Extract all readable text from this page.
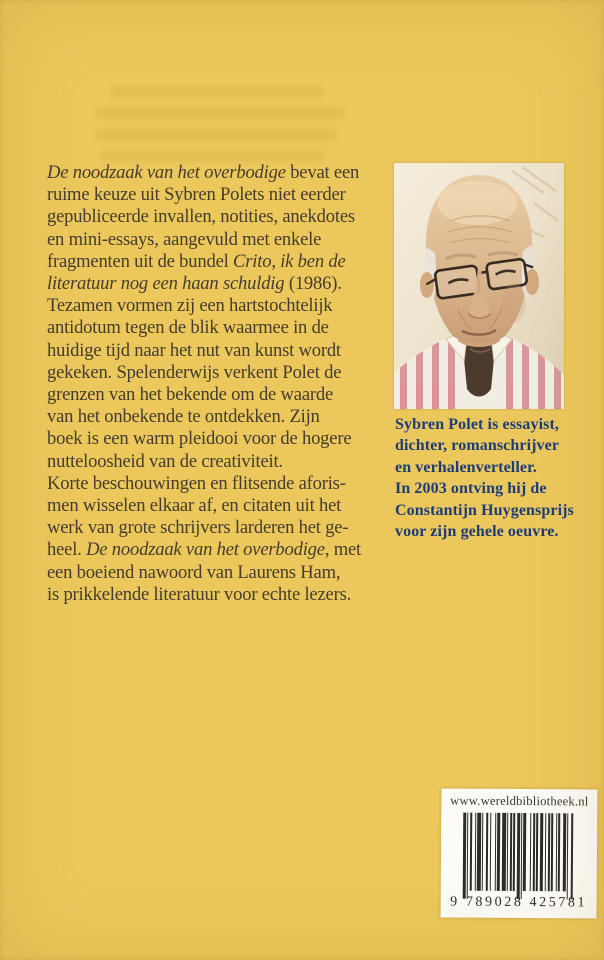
De noodzaak van het overbodige bevat een
ruime keuze uit Sybren Polets niet eerder
gepubliceerde invallen, notities, anekdotes
en mini-essays, aangevuld met enkele
fragmenten uit de bundel Crito, ik ben de
literatuur nog een haan schuldig (1986).
Tezamen vormen zij een hartstochtelijk
antidotum tegen de blik waarmee in de
huidige tijd naar het nut van kunst wordt
gekeken. Spelenderwijs verkent Polet de
grenzen van het bekende om de waarde
van het onbekende te ontdekken. Zijn
boek is een warm pleidooi voor de hogere
nutteloosheid van de creativiteit.
Korte beschouwingen en flitsende aforis-
men wisselen elkaar af, en citaten uit het
werk van grote schrijvers larderen het ge-
heel. De noodzaak van het overbodige, met
een boeiend nawoord van Laurens Ham,
is prikkelende literatuur voor echte lezers.
Sybren Polet is essayist,
dichter, romanschrijver
en verhalenverteller.
In 2003 ontving hij de
Constantijn Huygensprijs
voor zijn gehele oeuvre.
www.wereldbibliotheek.nl
9 789028 425781
